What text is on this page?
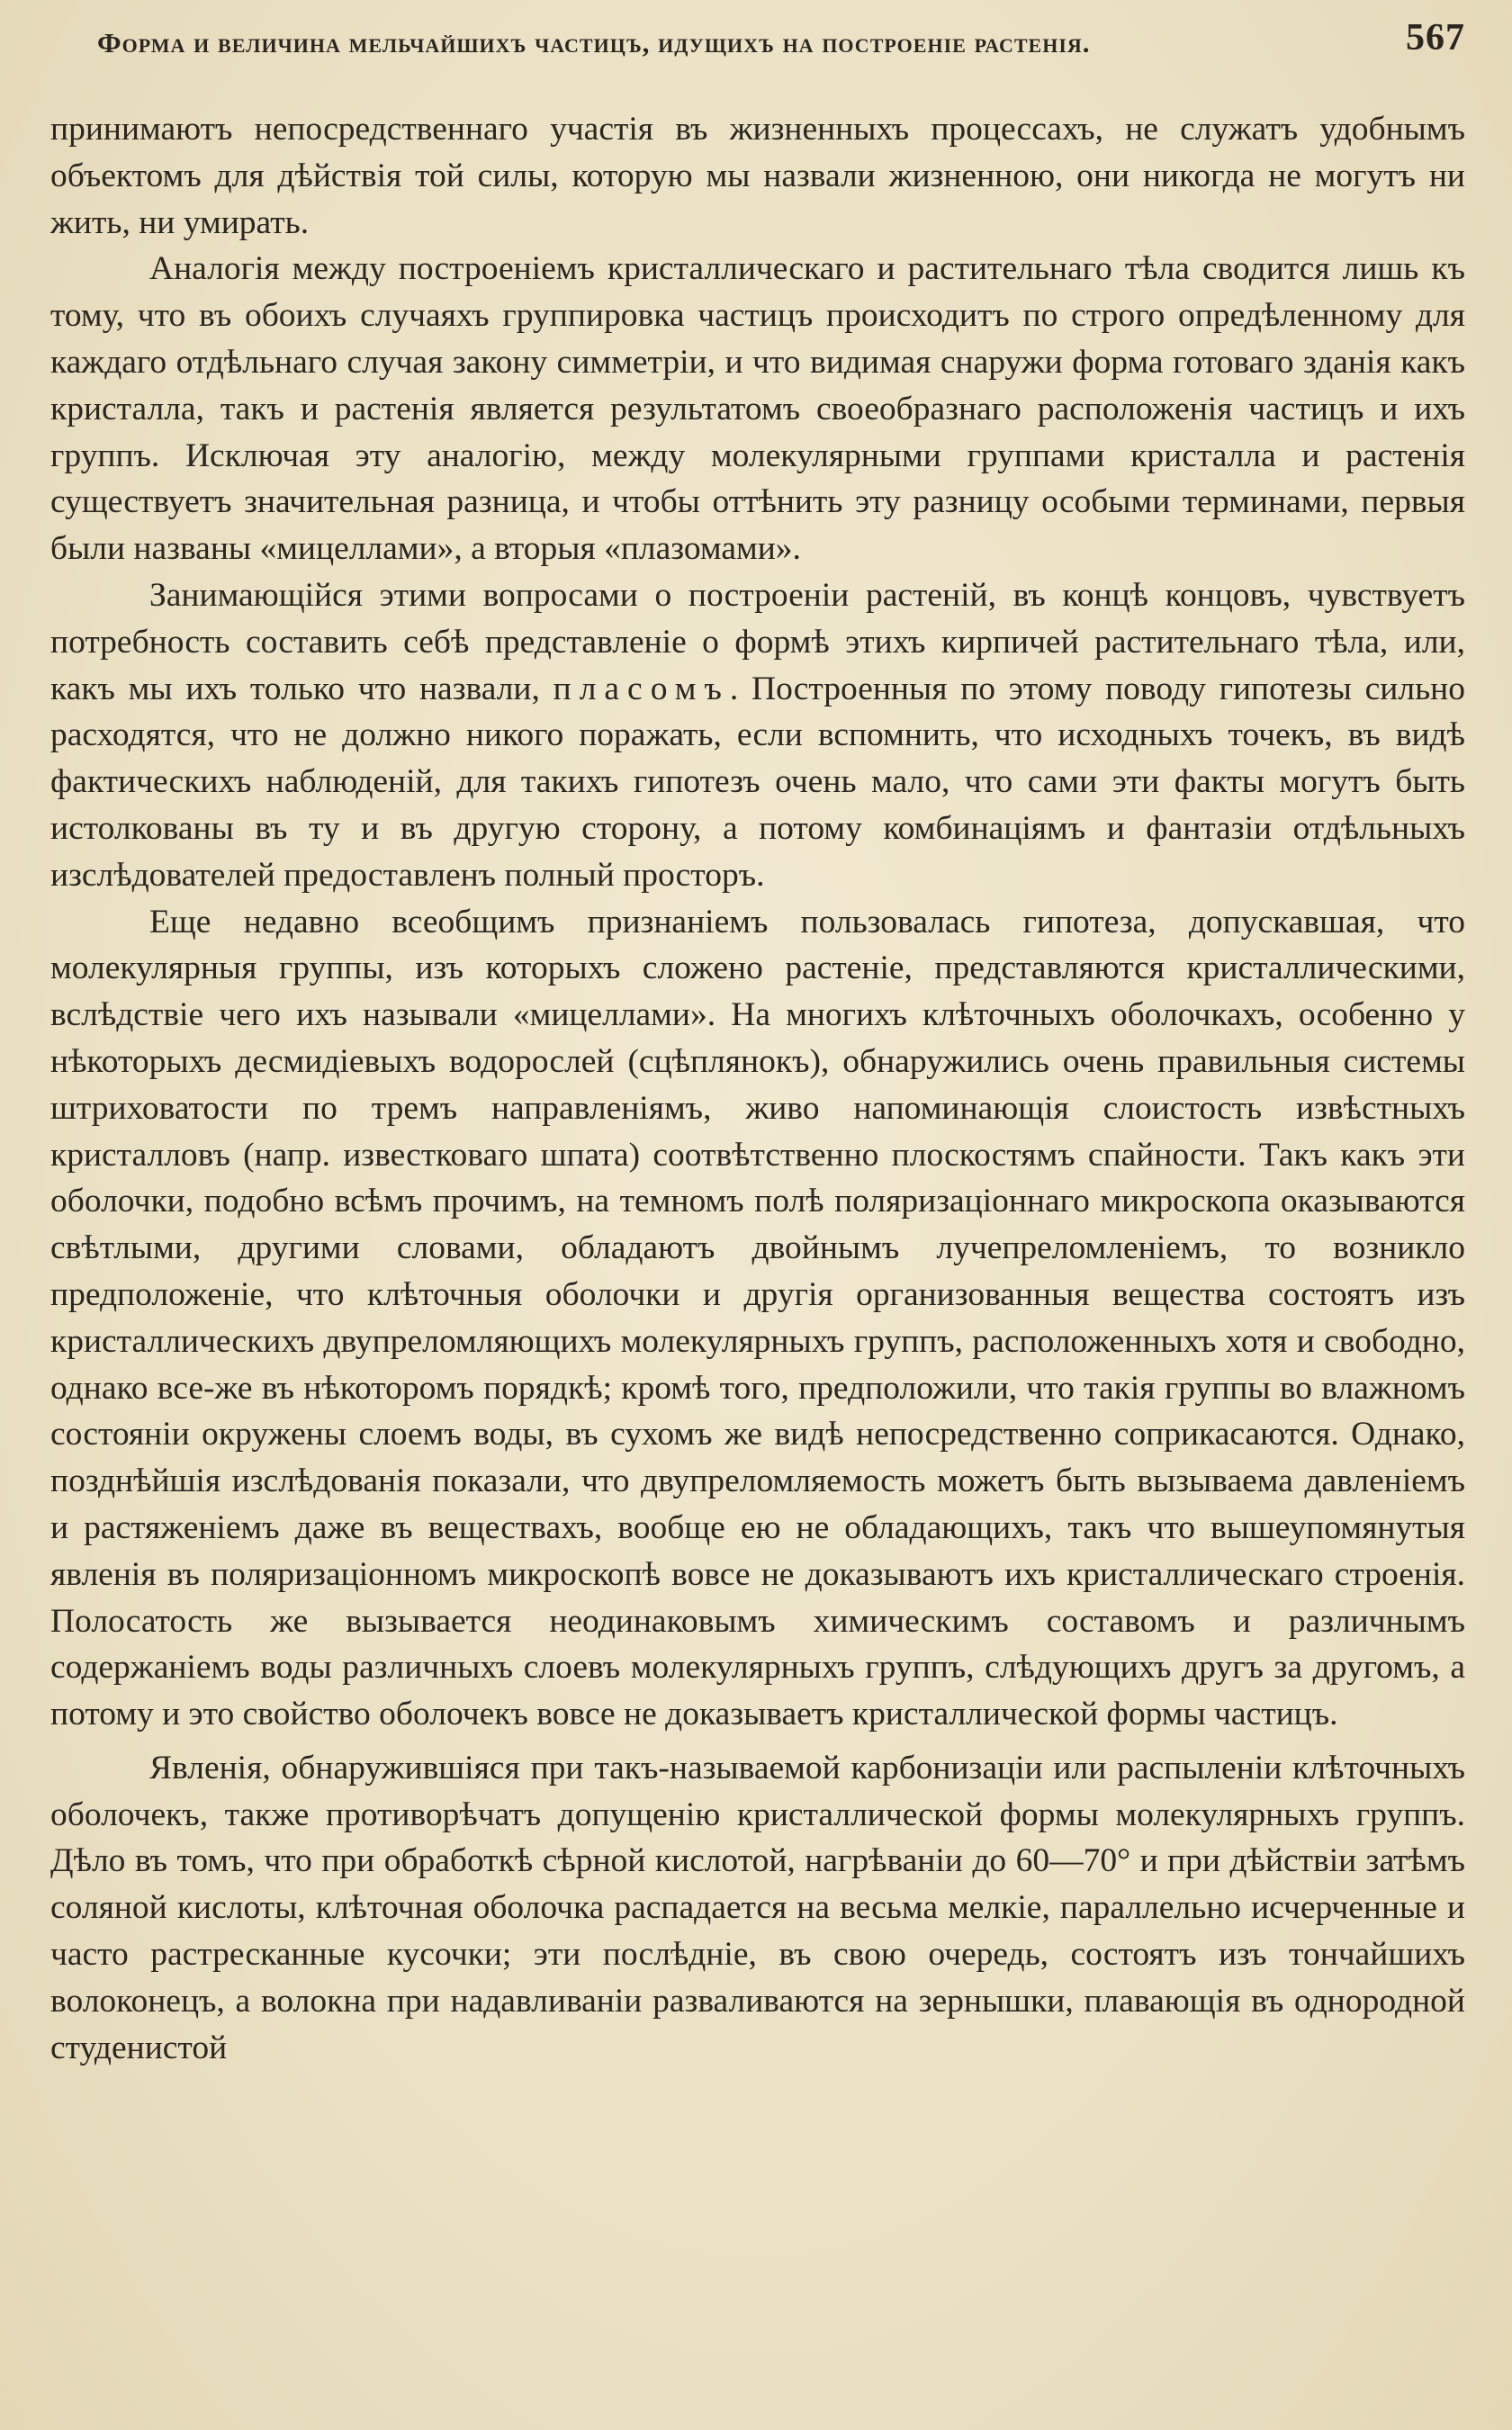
Форма и величина мельчайшихъ частицъ, идущихъ на построеніе растенія.	567

принимаютъ непосредственнаго участія въ жизненныхъ процессахъ, не служатъ удобнымъ объектомъ для дѣйствія той силы, которую мы назвали жизненною, они никогда не могутъ ни жить, ни умирать.

Аналогія между построеніемъ кристаллическаго и растительнаго тѣла сводится лишь къ тому, что въ обоихъ случаяхъ группировка частицъ происходитъ по строго опредѣленному для каждаго отдѣльнаго случая закону симметріи, и что видимая снаружи форма готоваго зданія какъ кристалла, такъ и растенія является результатомъ своеобразнаго расположенія частицъ и ихъ группъ. Исключая эту аналогію, между молекулярными группами кристалла и растенія существуетъ значительная разница, и чтобы оттѣнить эту разницу особыми терминами, первыя были названы «мицеллами», а вторыя «плазомами».

Занимающійся этими вопросами о построеніи растеній, въ концѣ концовъ, чувствуетъ потребность составить себѣ представленіе о формѣ этихъ кирпичей растительнаго тѣла, или, какъ мы ихъ только что назвали, пласомъ. Построенныя по этому поводу гипотезы сильно расходятся, что не должно никого поражать, если вспомнить, что исходныхъ точекъ, въ видѣ фактическихъ наблюденій, для такихъ гипотезъ очень мало, что сами эти факты могутъ быть истолкованы въ ту и въ другую сторону, а потому комбинаціямъ и фантазіи отдѣльныхъ изслѣдователей предоставленъ полный просторъ.

Еще недавно всеобщимъ признаніемъ пользовалась гипотеза, допускавшая, что молекулярныя группы, изъ которыхъ сложено растеніе, представляются кристаллическими, вслѣдствіе чего ихъ называли «мицеллами». На многихъ клѣточныхъ оболочкахъ, особенно у нѣкоторыхъ десмидіевыхъ водорослей (сцѣплянокъ), обнаружились очень правильныя системы штриховатости по тремъ направленіямъ, живо напоминающія слоистость извѣстныхъ кристалловъ (напр. известковаго шпата) соотвѣтственно плоскостямъ спайности. Такъ какъ эти оболочки, подобно всѣмъ прочимъ, на темномъ полѣ поляризаціоннаго микроскопа оказываются свѣтлыми, другими словами, обладаютъ двойнымъ лучепреломленіемъ, то возникло предположеніе, что клѣточныя оболочки и другія организованныя вещества состоятъ изъ кристаллическихъ двупреломляющихъ молекулярныхъ группъ, расположенныхъ хотя и свободно, однако все-же въ нѣкоторомъ порядкѣ; кромѣ того, предположили, что такія группы во влажномъ состояніи окружены слоемъ воды, въ сухомъ же видѣ непосредственно соприкасаются. Однако, позднѣйшія изслѣдованія показали, что двупреломляемость можетъ быть вызываема давленіемъ и растяженіемъ даже въ веществахъ, вообще ею не обладающихъ, такъ что вышеупомянутыя явленія въ поляризаціонномъ микроскопѣ вовсе не доказываютъ ихъ кристаллическаго строенія. Полосатость же вызывается неодинаковымъ химическимъ составомъ и различнымъ содержаніемъ воды различныхъ слоевъ молекулярныхъ группъ, слѣдующихъ другъ за другомъ, а потому и это свойство оболочекъ вовсе не доказываетъ кристаллической формы частицъ.

Явленія, обнаружившіяся при такъ-называемой карбонизаціи или распыленіи клѣточныхъ оболочекъ, также противорѣчатъ допущенію кристаллической формы молекулярныхъ группъ. Дѣло въ томъ, что при обработкѣ сѣрной кислотой, нагрѣваніи до 60—70° и при дѣйствіи затѣмъ соляной кислоты, клѣточная оболочка распадается на весьма мелкіе, параллельно исчерченные и часто растресканные кусочки; эти послѣдніе, въ свою очередь, состоятъ изъ тончайшихъ волоконецъ, а волокна при надавливаніи разваливаются на зернышки, плавающія въ однородной студенистой
